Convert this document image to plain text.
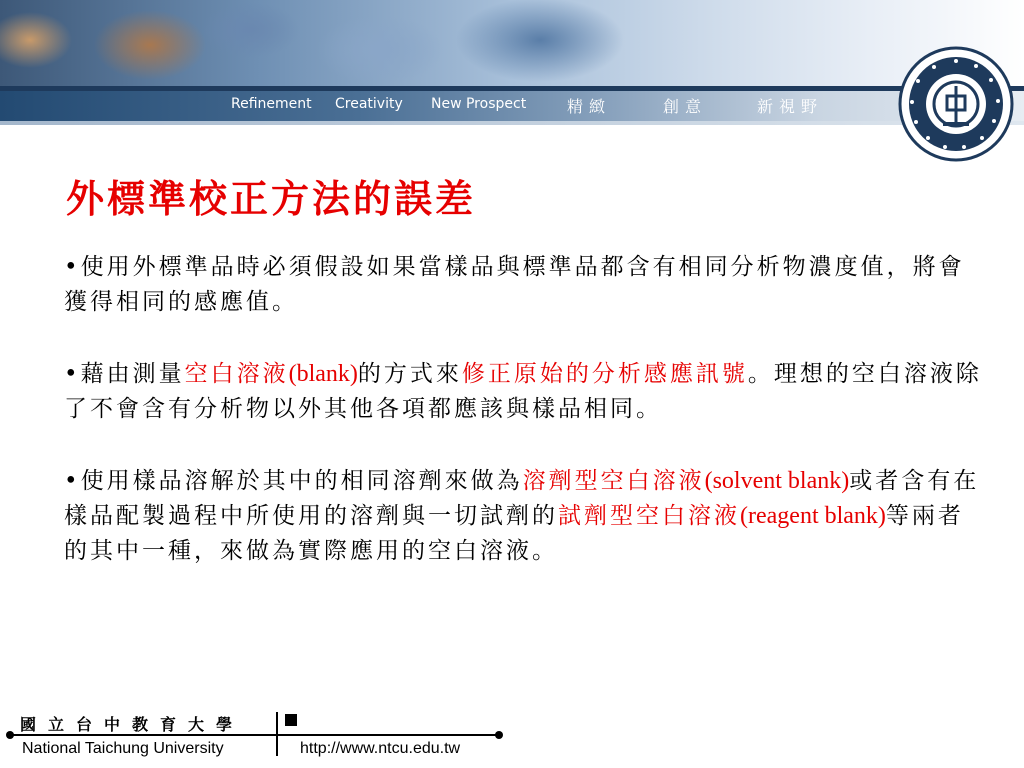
Refinement Creativity New Prospect	精緻	創意	新視野
外標準校正方法的誤差

•使用外標準品時必須假設如果當樣品與標準品都含有相同分析物濃度值，將會獲得相同的感應值。

•藉由測量空白溶液(blank)的方式來修正原始的分析感應訊號。理想的空白溶液除了不會含有分析物以外其他各項都應該與樣品相同。

•使用樣品溶解於其中的相同溶劑來做為溶劑型空白溶液(solvent blank)或者含有在樣品配製過程中所使用的溶劑與一切試劑的試劑型空白溶液(reagent blank)等兩者的其中一種，來做為實際應用的空白溶液。

國立台中教育大學
National Taichung University	http://www.ntcu.edu.tw
